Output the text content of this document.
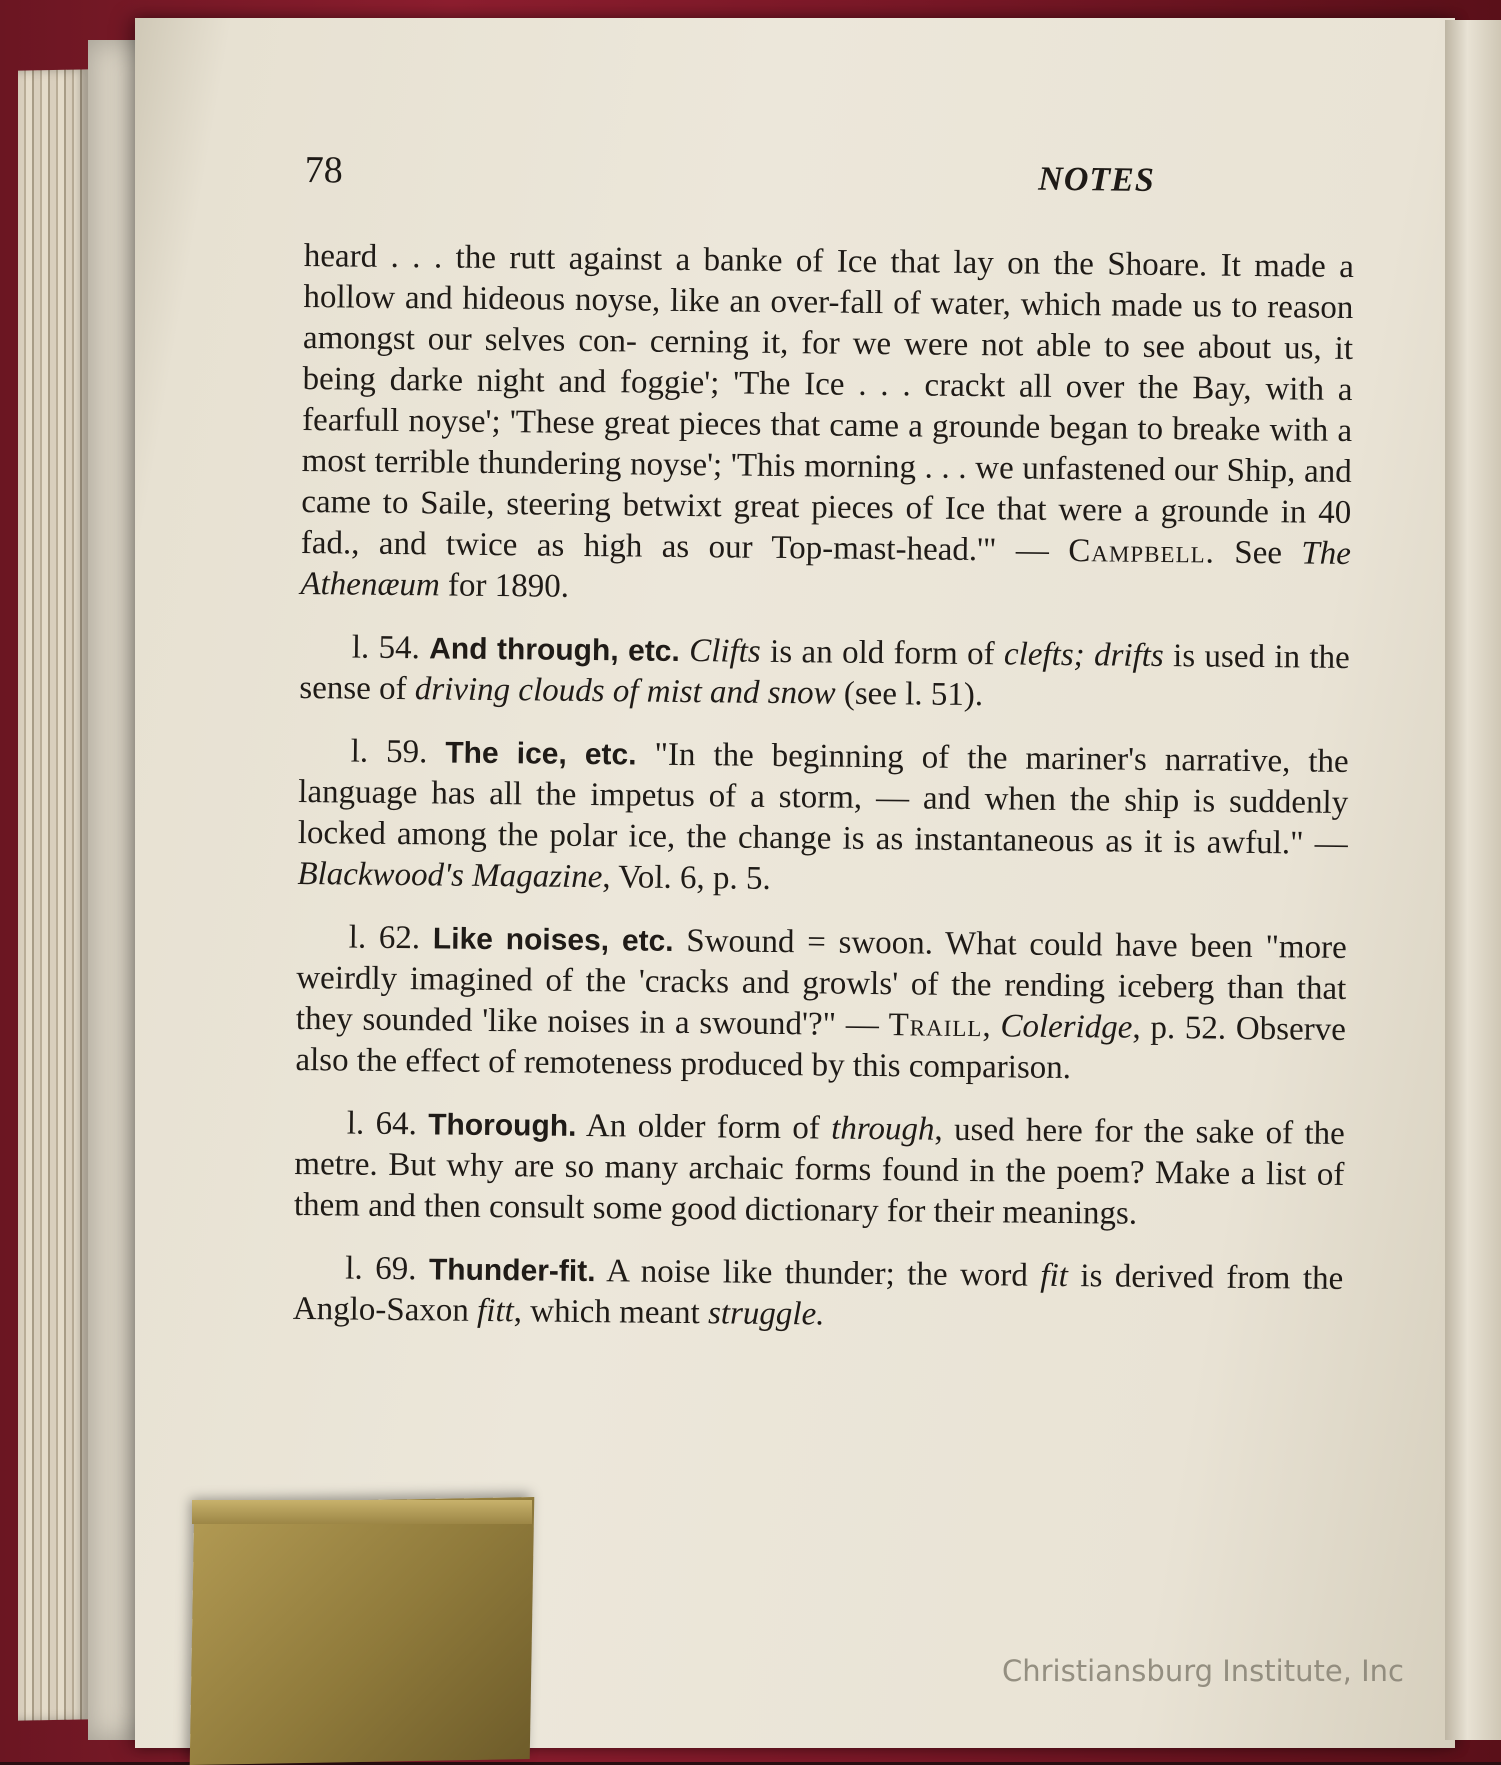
78	NOTES

heard . . . the rutt against a banke of Ice that lay on the Shoare. It made a hollow and hideous noyse, like an over-fall of water, which made us to reason amongst our selves con- cerning it, for we were not able to see about us, it being darke night and foggie'; 'The Ice . . . crackt all over the Bay, with a fearfull noyse'; 'These great pieces that came a grounde began to breake with a most terrible thundering noyse'; 'This morning . . . we unfastened our Ship, and came to Saile, steering betwixt great pieces of Ice that were a grounde in 40 fad., and twice as high as our Top-mast-head.'" — Campbell. See The Athenæum for 1890.

l. 54. And through, etc. Clifts is an old form of clefts; drifts is used in the sense of driving clouds of mist and snow (see l. 51).

l. 59. The ice, etc. "In the beginning of the mariner's narrative, the language has all the impetus of a storm, — and when the ship is suddenly locked among the polar ice, the change is as instantaneous as it is awful." — Blackwood's Magazine, Vol. 6, p. 5.

l. 62. Like noises, etc. Swound = swoon. What could have been "more weirdly imagined of the 'cracks and growls' of the rending iceberg than that they sounded 'like noises in a swound'?" — Traill, Coleridge, p. 52. Observe also the effect of remoteness produced by this comparison.

l. 64. Thorough. An older form of through, used here for the sake of the metre. But why are so many archaic forms found in the poem? Make a list of them and then consult some good dictionary for their meanings.

l. 69. Thunder-fit. A noise like thunder; the word fit is derived from the Anglo-Saxon fitt, which meant struggle.

Christiansburg Institute, Inc
